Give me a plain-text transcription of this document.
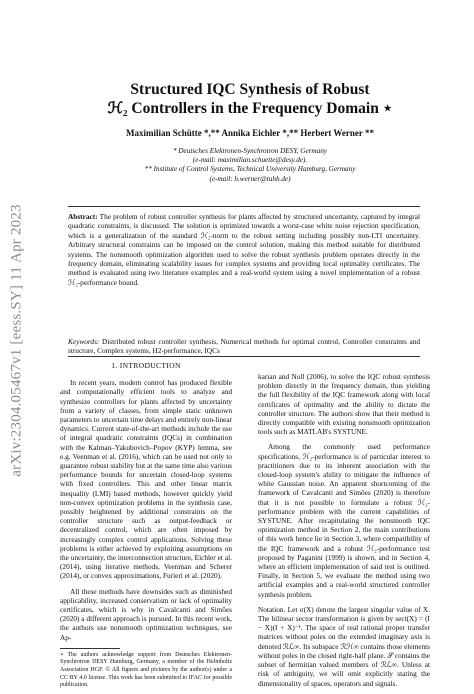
arXiv:2304.05467v1 [eess.SY] 11 Apr 2023
Structured IQC Synthesis of Robust
ℋ₂ Controllers in the Frequency Domain ⋆
Maximilian Schütte *,** Annika Eichler *,** Herbert Werner **
* Deutsches Elektronen-Synchrotron DESY, Germany
(e-mail: maximilian.schuette@desy.de).
** Institute of Control Systems, Technical University Hamburg, Germany
(e-mail: h.werner@tuhh.de)
Abstract: The problem of robust controller synthesis for plants affected by structured uncertainty, captured by integral quadratic constraints, is discussed. The solution is optimized towards a worst-case white noise rejection specification, which is a generalization of the standard ℋ₂-norm to the robust setting including possibly non-LTI uncertainty. Arbitrary structural constraints can be imposed on the control solution, making this method suitable for distributed systems. The nonsmooth optimization algorithm used to solve the robust synthesis problem operates directly in the frequency domain, eliminating scalability issues for complex systems and providing local optimality certificates. The method is evaluated using two literature examples and a real-world system using a novel implementation of a robust ℋ₂-performance bound.
Keywords: Distributed robust controller synthesis, Numerical methods for optimal control, Controller constraints and structure, Complex systems, H2-performance, IQCs
1. INTRODUCTION

In recent years, modern control has produced flexible and computationally efficient tools to analyze and synthesize controllers for plants affected by uncertainty from a variety of classes, from simple static unknown parameters to uncertain time delays and entirely non-linear dynamics. Current state-of-the-art methods include the use of integral quadratic constraints (IQCs) in combination with the Kalman–Yakubovich–Popov (KYP) lemma, see e.g. Veenman et al. (2016), which can be used not only to guarantee robust stability but at the same time also various performance bounds for uncertain closed-loop systems with fixed controllers. This and other linear matrix inequality (LMI) based methods, however quickly yield non-convex optimization problems in the synthesis case, possibly heightened by additional constraints on the controller structure such as output-feedback or decentralized control, which are often imposed by increasingly complex control applications. Solving these problems is either achieved by exploiting assumptions on the uncertainty, the interconnection structure, Eichler et al. (2014), using iterative methods, Veenman and Scherer (2014), or convex approximations, Furieri et al. (2020).

All these methods have downsides such as diminished applicability, increased conservatism or lack of optimality certificates, which is why in Cavalcanti and Simões (2020) a different approach is pursued. In this recent work, the authors use nonsmooth optimization techniques, see Ap-

⋆ The authors acknowledge support from Deutsches Elektronen-Synchrotron DESY Hamburg, Germany, a member of the Helmholtz Association HGF. © All figures and pictures by the author(s) under a CC BY 4.0 license. This work has been submitted to IFAC for possible publication.

karian and Noll (2006), to solve the IQC robust synthesis problem directly in the frequency domain, thus yielding the full flexibility of the IQC framework along with local certificates of optimality and the ability to dictate the controller structure. The authors show that their method is directly compatible with existing nonsmooth optimization tools such as MATLAB's SYSTUNE.

Among the commonly used performance specifications, ℋ₂-performance is of particular interest to practitioners due to its inherent association with the closed-loop system's ability to mitigate the influence of white Gaussian noise. An apparent shortcoming of the framework of Cavalcanti and Simões (2020) is therefore that it is not possible to formulate a robust ℋ₂-performance problem with the current capabilities of SYSTUNE. After recapitulating the nonsmooth IQC optimization method in Section 2, the main contributions of this work hence lie in Section 3, where compatibility of the IQC framework and a robust ℋ₂-performance test proposed by Paganini (1999) is shown, and in Section 4, where an efficient implementation of said test is outlined. Finally, in Section 5, we evaluate the method using two artificial examples and a real-world structured controller synthesis problem.

Notation. Let σ(X) denote the largest singular value of X. The bilinear sector transformation is given by sect(X) = (I − X)(I + X)⁻¹. The space of real rational proper transfer matrices without poles on the extended imaginary axis is denoted ℛℒ∞. Its subspace ℛℋ∞ contains those elements without poles in the closed right-half plane. 𝒮 contains the subset of hermitian valued members of ℛℒ∞. Unless at risk of ambiguity, we will omit explicitly stating the dimensionality of spaces, operators and signals.
